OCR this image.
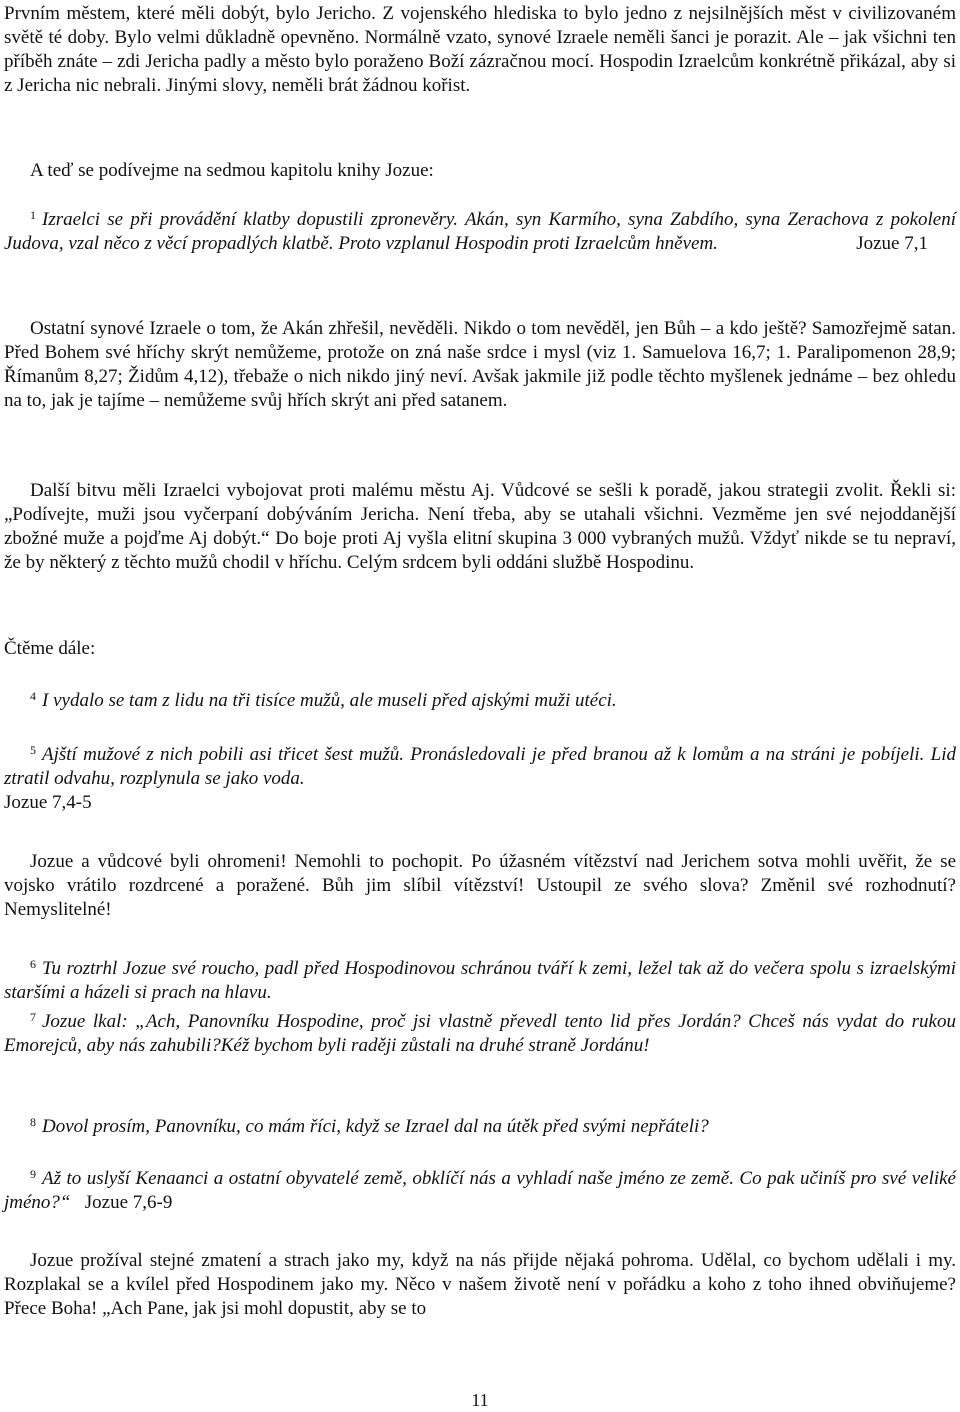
Prvním městem, které měli dobýt, bylo Jericho. Z vojenského hlediska to bylo jedno z nejsilnějších měst v civilizovaném světě té doby. Bylo velmi důkladně opevněno. Normálně vzato, synové Izraele neměli šanci je porazit. Ale – jak všichni ten příběh znáte – zdi Jericha padly a město bylo poraženo Boží zázračnou mocí. Hospodin Izraelcům konkrétně přikázal, aby si z Jericha nic nebrali. Jinými slovy, neměli brát žádnou kořist.

A teď se podívejme na sedmou kapitolu knihy Jozue:

$^1$ Izraelci se při provádění klatby dopustili zpronevěry. Akán, syn Karmího, syna Zabdího, syna Zerachova z pokolení Judova, vzal něco z věcí propadlých klatbě. Proto vzplanul Hospodin proti Izraelcům hněvem.	Jozue 7,1

Ostatní synové Izraele o tom, že Akán zhřešil, nevěděli. Nikdo o tom nevěděl, jen Bůh – a kdo ještě? Samozřejmě satan. Před Bohem své hříchy skrýt nemůžeme, protože on zná naše srdce i mysl (viz 1. Samuelova 16,7; 1. Paralipomenon 28,9; Římanům 8,27; Židům 4,12), třebaže o nich nikdo jiný neví. Avšak jakmile již podle těchto myšlenek jednáme – bez ohledu na to, jak je tajíme – nemůžeme svůj hřích skrýt ani před satanem.

Další bitvu měli Izraelci vybojovat proti malému městu Aj. Vůdcové se sešli k poradě, jakou strategii zvolit. Řekli si: „Podívejte, muži jsou vyčerpaní dobýváním Jericha. Není třeba, aby se utahali všichni. Vezměme jen své nejoddanější zbožné muže a pojďme Aj dobýt.“ Do boje proti Aj vyšla elitní skupina 3 000 vybraných mužů. Vždyť nikde se tu nepraví, že by některý z těchto mužů chodil v hříchu. Celým srdcem byli oddáni službě Hospodinu.

Čtěme dále:

$^4$ I vydalo se tam z lidu na tři tisíce mužů, ale museli před ajskými muži utéci.

$^5$ Ajští mužové z nich pobili asi třicet šest mužů. Pronásledovali je před branou až k lomům a na stráni je pobíjeli. Lid ztratil odvahu, rozplynula se jako voda.

Jozue 7,4-5

Jozue a vůdcové byli ohromeni! Nemohli to pochopit. Po úžasném vítězství nad Jerichem sotva mohli uvěřit, že se vojsko vrátilo rozdrcené a poražené. Bůh jim slíbil vítězství! Ustoupil ze svého slova? Změnil své rozhodnutí? Nemyslitelné!

$^6$ Tu roztrhl Jozue své roucho, padl před Hospodinovou schránou tváří k zemi, ležel tak až do večera spolu s izraelskými staršími a házeli si prach na hlavu.

$^7$ Jozue lkal: „Ach, Panovníku Hospodine, proč jsi vlastně převedl tento lid přes Jordán? Chceš nás vydat do rukou Emorejců, aby nás zahubili?Kéž bychom byli raději zůstali na druhé straně Jordánu!

$^8$ Dovol prosím, Panovníku, co mám říci, když se Izrael dal na útěk před svými nepřáteli?

$^9$ Až to uslyší Kenaanci a ostatní obyvatelé země, obklíčí nás a vyhladí naše jméno ze země. Co pak učiníš pro své veliké jméno?“ Jozue 7,6-9

Jozue prožíval stejné zmatení a strach jako my, když na nás přijde nějaká pohroma. Udělal, co bychom udělali i my. Rozplakal se a kvílel před Hospodinem jako my. Něco v našem životě není v pořádku a koho z toho ihned obviňujeme? Přece Boha! „Ach Pane, jak jsi mohl dopustit, aby se to

11
